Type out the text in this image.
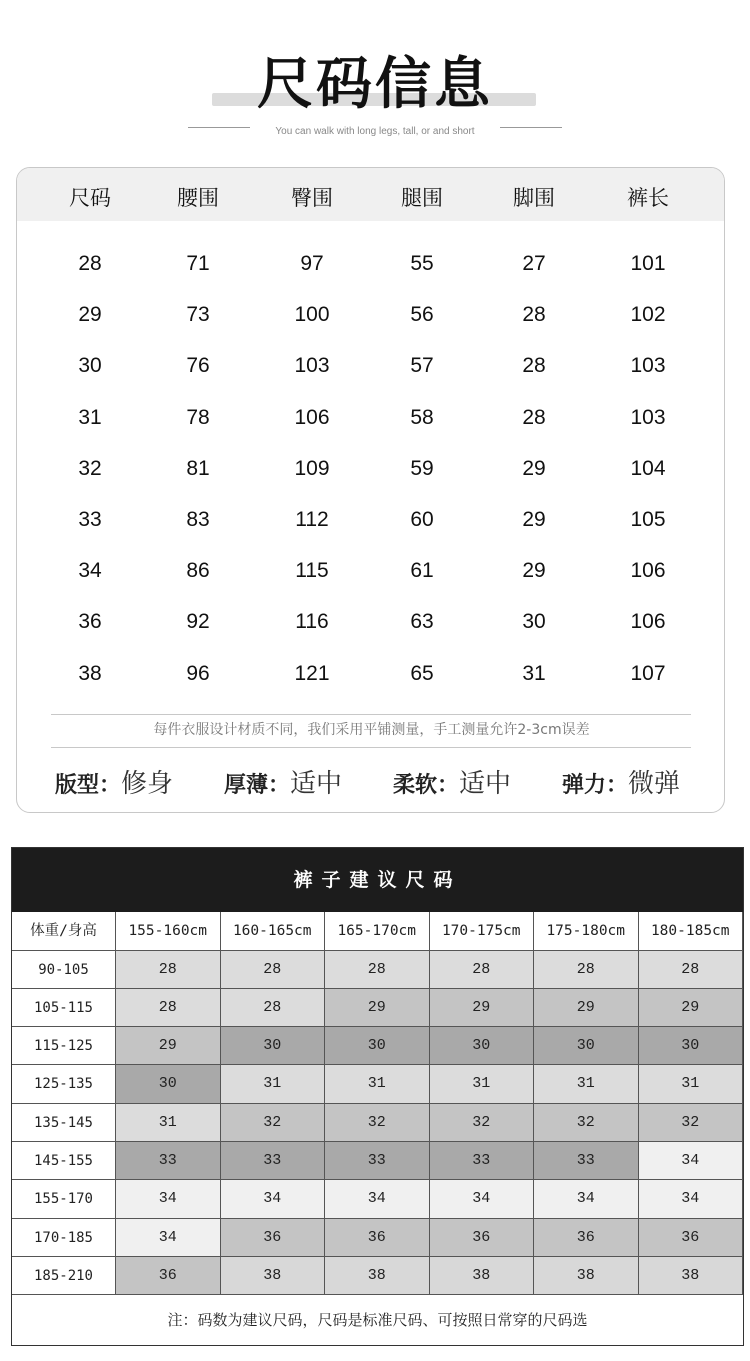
尺码信息
You can walk with long legs, tall, or and short
尺码	腰围	臀围	腿围	脚围	裤长
28	71	97	55	27	101
29	73	100	56	28	102
30	76	103	57	28	103
31	78	106	58	28	103
32	81	109	59	29	104
33	83	112	60	29	105
34	86	115	61	29	106
36	92	116	63	30	106
38	96	121	65	31	107
每件衣服设计材质不同，我们采用平铺测量，手工测量允许2-3cm误差
版型：修身 厚薄：适中 柔软：适中 弹力：微弹
裤子建议尺码
体重/身高	155-160cm	160-165cm	165-170cm	170-175cm	175-180cm	180-185cm
90-105	28	28	28	28	28	28
105-115	28	28	29	29	29	29
115-125	29	30	30	30	30	30
125-135	30	31	31	31	31	31
135-145	31	32	32	32	32	32
145-155	33	33	33	33	33	34
155-170	34	34	34	34	34	34
170-185	34	36	36	36	36	36
185-210	36	38	38	38	38	38
注：码数为建议尺码，尺码是标准尺码、可按照日常穿的尺码选
